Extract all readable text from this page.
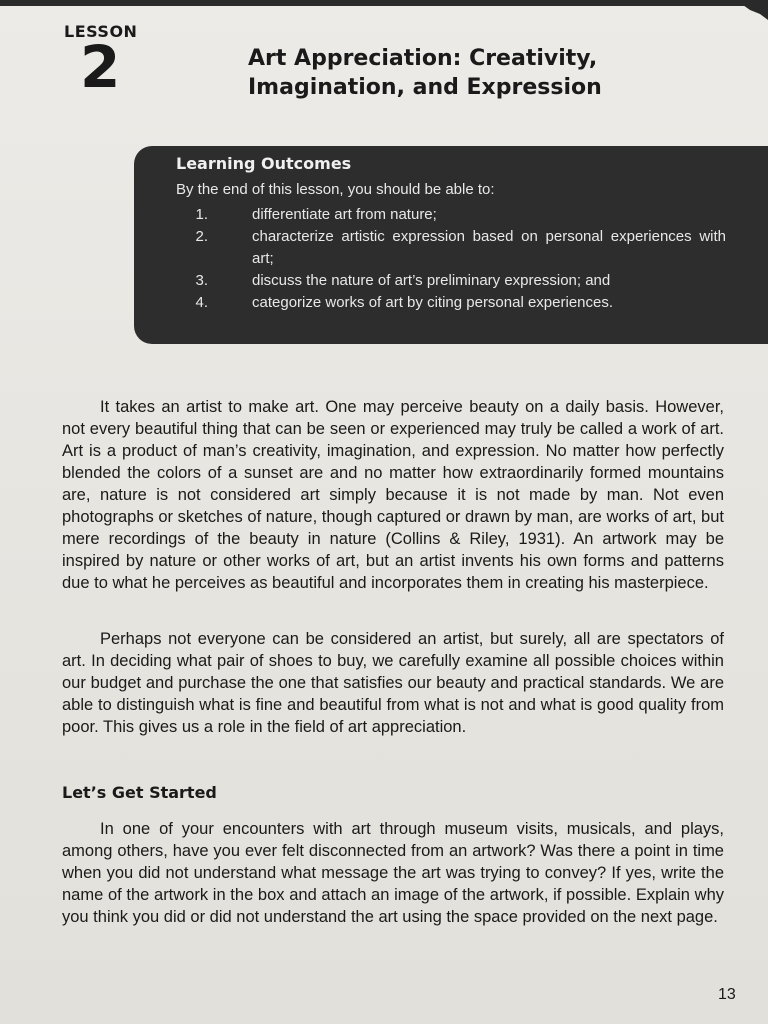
LESSON
2	Art Appreciation: Creativity, Imagination, and Expression
Learning Outcomes
By the end of this lesson, you should be able to:
1.	differentiate art from nature;
2.	characterize artistic expression based on personal experiences with art;
3.	discuss the nature of art’s preliminary expression; and
4.	categorize works of art by citing personal experiences.

It takes an artist to make art. One may perceive beauty on a daily basis. However, not every beautiful thing that can be seen or experienced may truly be called a work of art. Art is a product of man’s creativity, imagination, and expression. No matter how perfectly blended the colors of a sunset are and no matter how extraordinarily formed mountains are, nature is not considered art simply because it is not made by man. Not even photographs or sketches of nature, though captured or drawn by man, are works of art, but mere recordings of the beauty in nature (Collins & Riley, 1931). An artwork may be inspired by nature or other works of art, but an artist invents his own forms and patterns due to what he perceives as beautiful and incorporates them in creating his masterpiece.

Perhaps not everyone can be considered an artist, but surely, all are spectators of art. In deciding what pair of shoes to buy, we carefully examine all possible choices within our budget and purchase the one that satisfies our beauty and practical standards. We are able to distinguish what is fine and beautiful from what is not and what is good quality from poor. This gives us a role in the field of art appreciation.

Let’s Get Started

In one of your encounters with art through museum visits, musicals, and plays, among others, have you ever felt disconnected from an artwork? Was there a point in time when you did not understand what message the art was trying to convey? If yes, write the name of the artwork in the box and attach an image of the artwork, if possible. Explain why you think you did or did not understand the art using the space provided on the next page.

13
